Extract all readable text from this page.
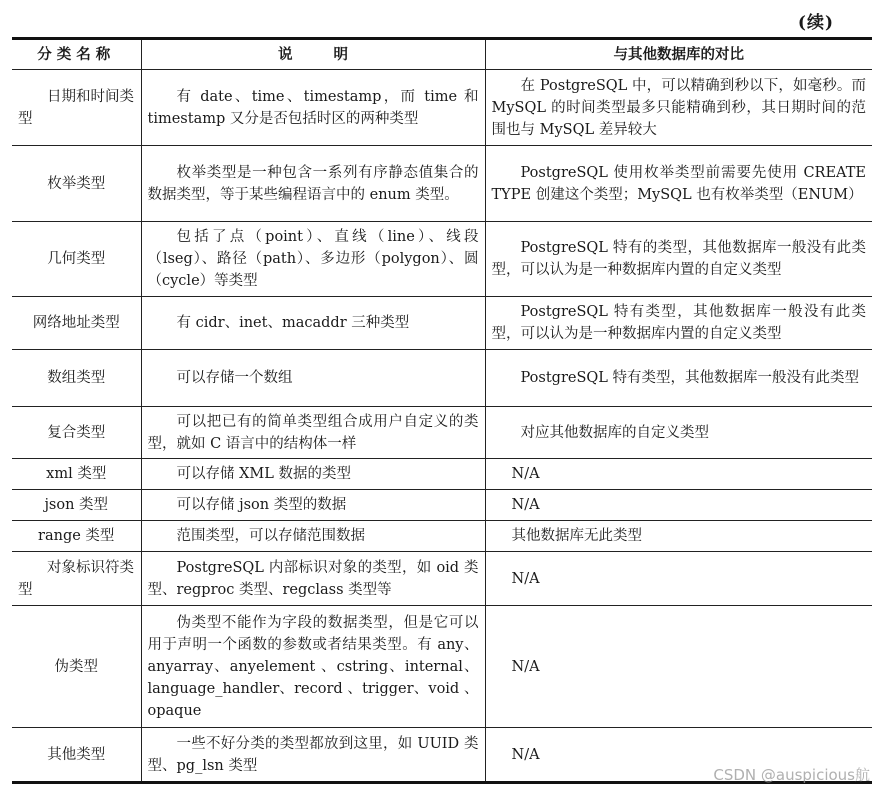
(续)
分类名称	说 明	与其他数据库的对比
日期和时间类型	有 date、time、timestamp，而 time 和 timestamp 又分是否包括时区的两种类型	在 PostgreSQL 中，可以精确到秒以下，如毫秒。而 MySQL 的时间类型最多只能精确到秒，其日期时间的范围也与 MySQL 差异较大
枚举类型	枚举类型是一种包含一系列有序静态值集合的数据类型，等于某些编程语言中的 enum 类型。	PostgreSQL 使用枚举类型前需要先使用 CREATE TYPE 创建这个类型；MySQL 也有枚举类型（ENUM）
几何类型	包括了点（point）、直线（line）、线段（lseg）、路径（path）、多边形（polygon）、圆（cycle）等类型	PostgreSQL 特有的类型，其他数据库一般没有此类型，可以认为是一种数据库内置的自定义类型
网络地址类型	有 cidr、inet、macaddr 三种类型	PostgreSQL 特有类型，其他数据库一般没有此类型，可以认为是一种数据库内置的自定义类型
数组类型	可以存储一个数组	PostgreSQL 特有类型，其他数据库一般没有此类型
复合类型	可以把已有的简单类型组合成用户自定义的类型，就如 C 语言中的结构体一样	对应其他数据库的自定义类型
xml 类型	可以存储 XML 数据的类型	N/A
json 类型	可以存储 json 类型的数据	N/A
range 类型	范围类型，可以存储范围数据	其他数据库无此类型
对象标识符类型	PostgreSQL 内部标识对象的类型，如 oid 类型、regproc 类型、regclass 类型等	N/A
伪类型	伪类型不能作为字段的数据类型，但是它可以用于声明一个函数的参数或者结果类型。有 any、anyarray、anyelement 、cstring、internal、language_handler、record 、trigger、void 、opaque	N/A
其他类型	一些不好分类的类型都放到这里，如 UUID 类型、pg_lsn 类型	N/A
CSDN @auspicious航
